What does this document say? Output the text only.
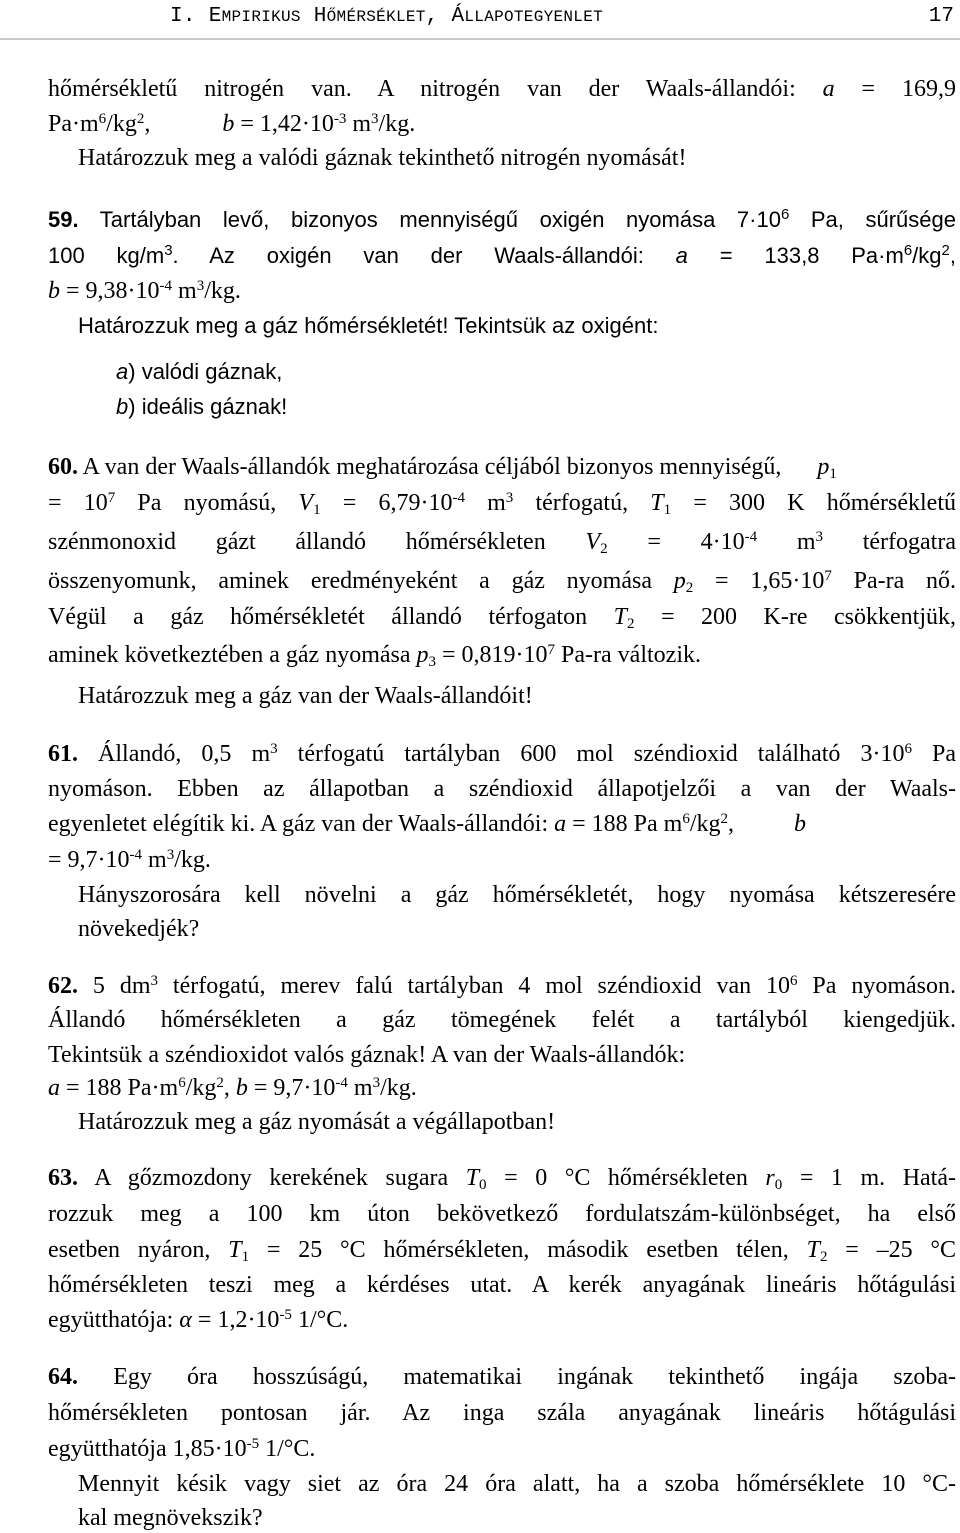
I. EMPIRIKUS HŐMÉRSÉKLET, ÁLLAPOTEGYENLET	17
hőmérsékletű nitrogén van. A nitrogén van der Waals-állandói: a = 169,9
$Pa\cdot m^6/kg^2$,            $b = 1,42\cdot 10^{-3}$ $m^3/kg$.
Határozzuk meg a valódi gáznak tekinthető nitrogén nyomását!
59. Tartályban levő, bizonyos mennyiségű oxigén nyomása $7\cdot 10^6$ Pa, sűrűsége
100 $kg/m^3$. Az oxigén van der Waals-állandói: a = 133,8 $Pa\cdot m^6/kg^2$,
$b = 9,38\cdot 10^{-4}$ $m^3/kg$.
Határozzuk meg a gáz hőmérsékletét! Tekintsük az oxigént:
a) valódi gáznak,
b) ideális gáznak!
60. A van der Waals-állandók meghatározása céljából bizonyos mennyiségű,      $p_1$
= $10^7$ Pa nyomású, $V_1 = 6,79\cdot 10^{-4}$ $m^3$ térfogatú, $T_1 = 300$ K hőmérsékletű
szénmonoxid gázt állandó hőmérsékleten $V_2 = 4\cdot 10^{-4}$ $m^3$ térfogatra
összenyomunk, aminek eredményeként a gáz nyomása $p_2 = 1,65\cdot 10^7$ Pa-ra nő.
Végül a gáz hőmérsékletét állandó térfogaton $T_2 = 200$ K-re csökkentjük,
aminek következtében a gáz nyomása $p_3 = 0,819\cdot 10^7$ Pa-ra változik.
Határozzuk meg a gáz van der Waals-állandóit!
61. Állandó, 0,5 $m^3$ térfogatú tartályban 600 mol széndioxid található $3\cdot 10^6$ Pa
nyomáson. Ebben az állapotban a széndioxid állapotjelzői a van der Waals-
egyenletet elégítik ki. A gáz van der Waals-állandói: a = 188 Pa $m^6/kg^2$,          b
= $9,7\cdot 10^{-4}$ $m^3/kg$.
Hányszorosára kell növelni a gáz hőmérsékletét, hogy nyomása kétszeresére
növekedjék?
62. 5 $dm^3$ térfogatú, merev falú tartályban 4 mol széndioxid van $10^6$ Pa nyomáson.
Állandó hőmérsékleten a gáz tömegének felét a tartályból kiengedjük.
Tekintsük a széndioxidot valós gáznak! A van der Waals-állandók:
a = 188 $Pa\cdot m^6/kg^2$, $b = 9,7\cdot 10^{-4}$ $m^3/kg$.
Határozzuk meg a gáz nyomását a végállapotban!
63. A gőzmozdony kerekének sugara $T_0 = 0$ °C hőmérsékleten $r_0 = 1$ m. Hatá-
rozzuk meg a 100 km úton bekövetkező fordulatszám-különbséget, ha első
esetben nyáron, $T_1 = 25$ °C hőmérsékleten, második esetben télen, $T_2 = -25$ °C
hőmérsékleten teszi meg a kérdéses utat. A kerék anyagának lineáris hőtágulási
együtthatója: $\alpha = 1,2\cdot 10^{-5}$ 1/°C.
64. Egy óra hosszúságú, matematikai ingának tekinthető ingája szoba-
hőmérsékleten pontosan jár. Az inga szála anyagának lineáris hőtágulási
együtthatója $1,85\cdot 10^{-5}$ 1/°C.
Mennyit késik vagy siet az óra 24 óra alatt, ha a szoba hőmérséklete 10 °C-
kal megnövekszik?
